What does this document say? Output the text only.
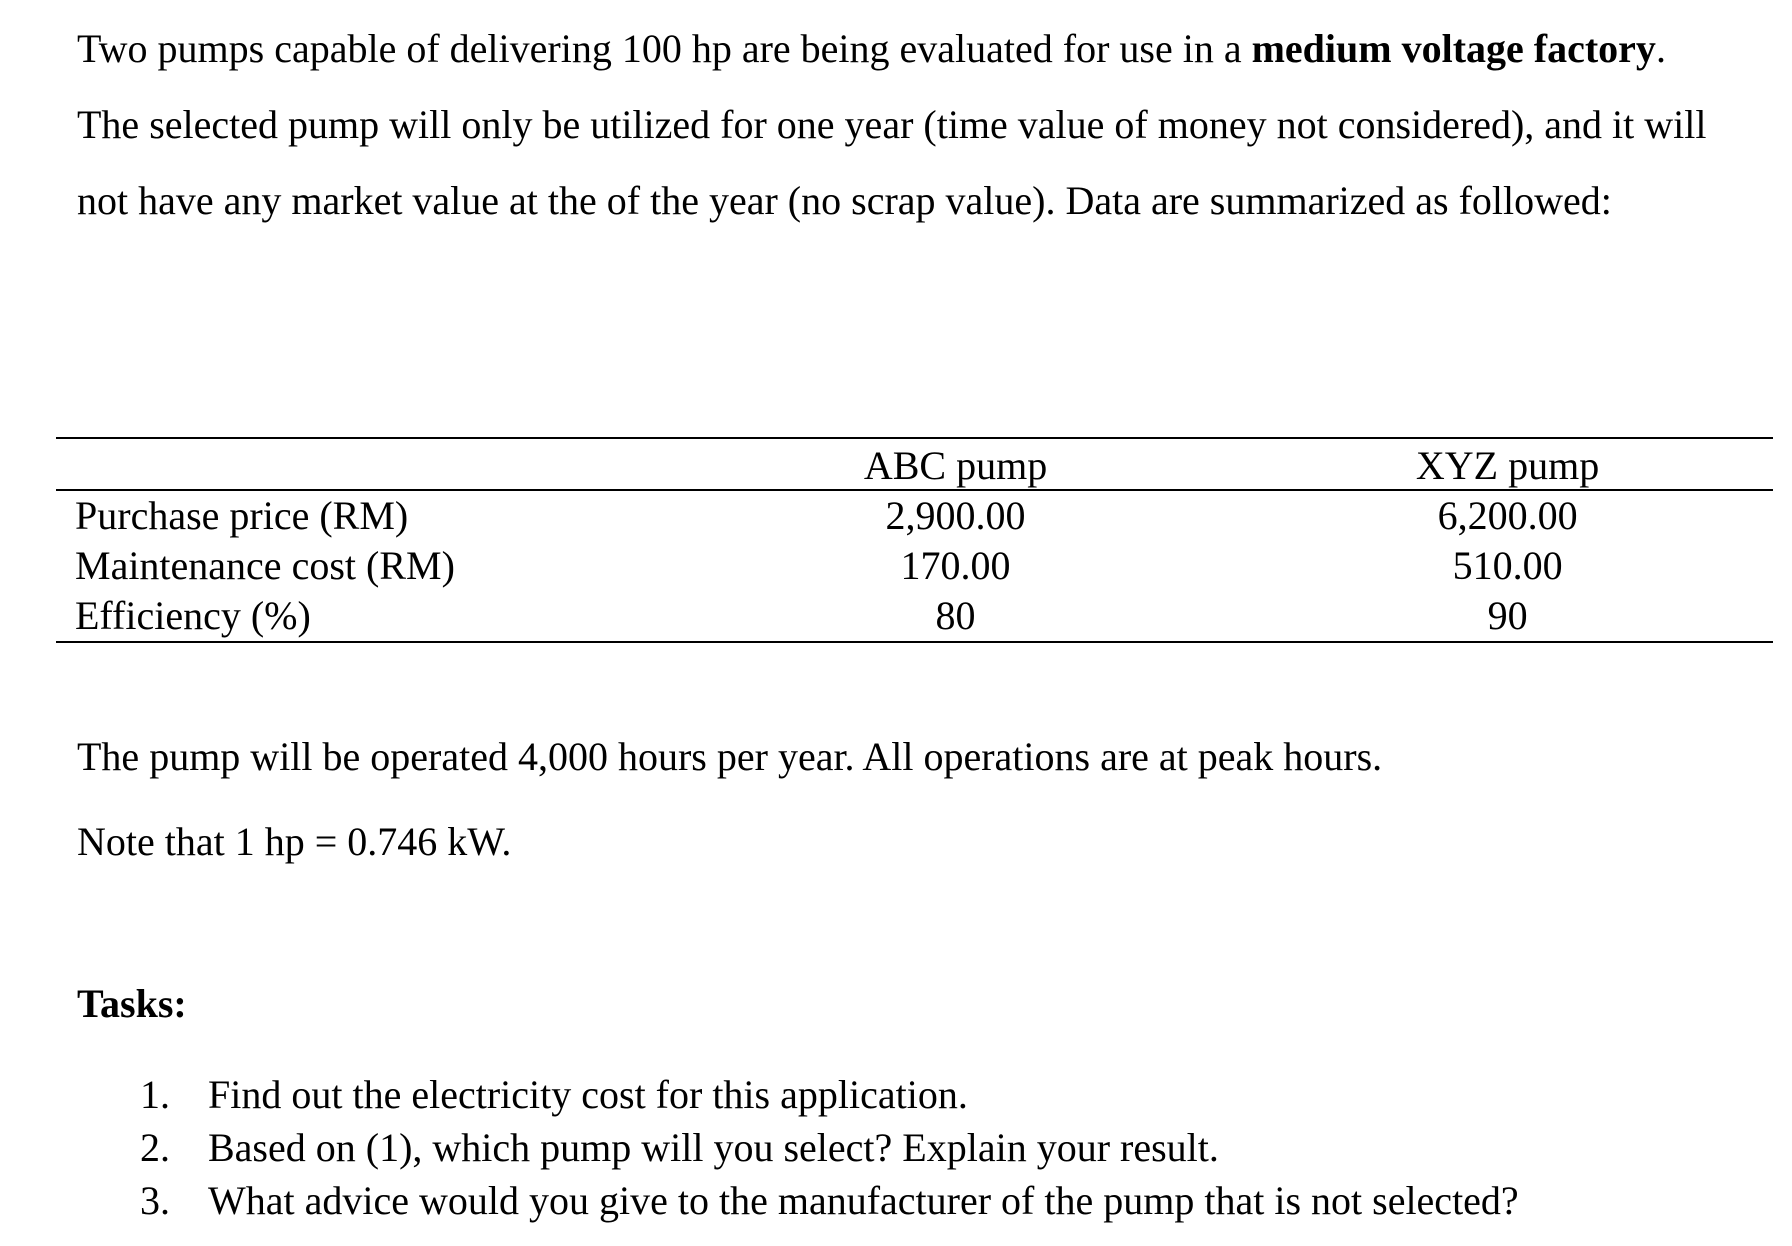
Two pumps capable of delivering 100 hp are being evaluated for use in a medium voltage factory. The selected pump will only be utilized for one year (time value of money not considered), and it will not have any market value at the of the year (no scrap value). Data are summarized as followed:

	ABC pump	XYZ pump
Purchase price (RM)	2,900.00	6,200.00
Maintenance cost (RM)	170.00	510.00
Efficiency (%)	80	90

The pump will be operated 4,000 hours per year. All operations are at peak hours.

Note that 1 hp = 0.746 kW.

Tasks:

1. Find out the electricity cost for this application.
2. Based on (1), which pump will you select? Explain your result.
3. What advice would you give to the manufacturer of the pump that is not selected?
